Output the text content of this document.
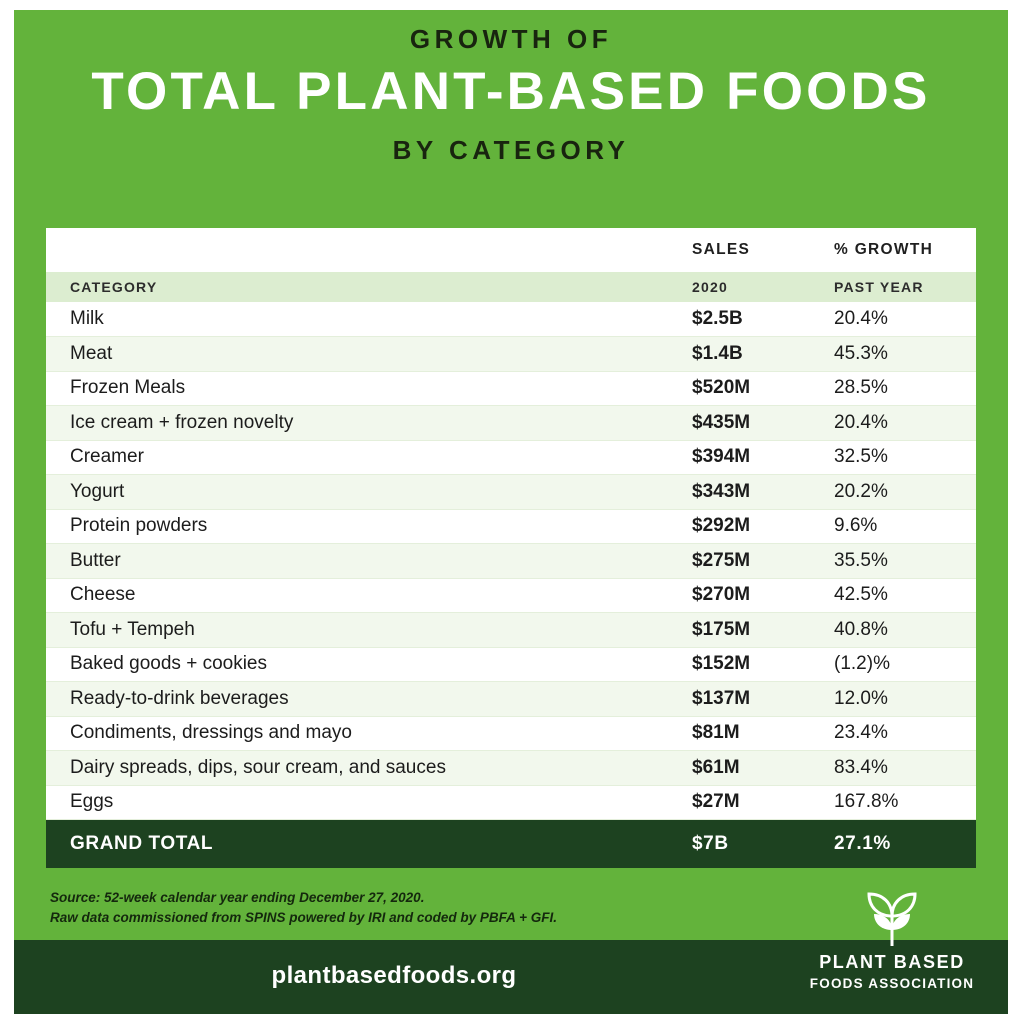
GROWTH OF
TOTAL PLANT-BASED FOODS
BY CATEGORY
	SALES	% GROWTH
CATEGORY	2020	PAST YEAR
Milk	$2.5B	20.4%
Meat	$1.4B	45.3%
Frozen Meals	$520M	28.5%
Ice cream + frozen novelty	$435M	20.4%
Creamer	$394M	32.5%
Yogurt	$343M	20.2%
Protein powders	$292M	9.6%
Butter	$275M	35.5%
Cheese	$270M	42.5%
Tofu + Tempeh	$175M	40.8%
Baked goods + cookies	$152M	(1.2)%
Ready-to-drink beverages	$137M	12.0%
Condiments, dressings and mayo	$81M	23.4%
Dairy spreads, dips, sour cream, and sauces	$61M	83.4%
Eggs	$27M	167.8%
GRAND TOTAL	$7B	27.1%
Source: 52-week calendar year ending December 27, 2020.
Raw data commissioned from SPINS powered by IRI and coded by PBFA + GFI.
plantbasedfoods.org	PLANT BASED
FOODS ASSOCIATION
